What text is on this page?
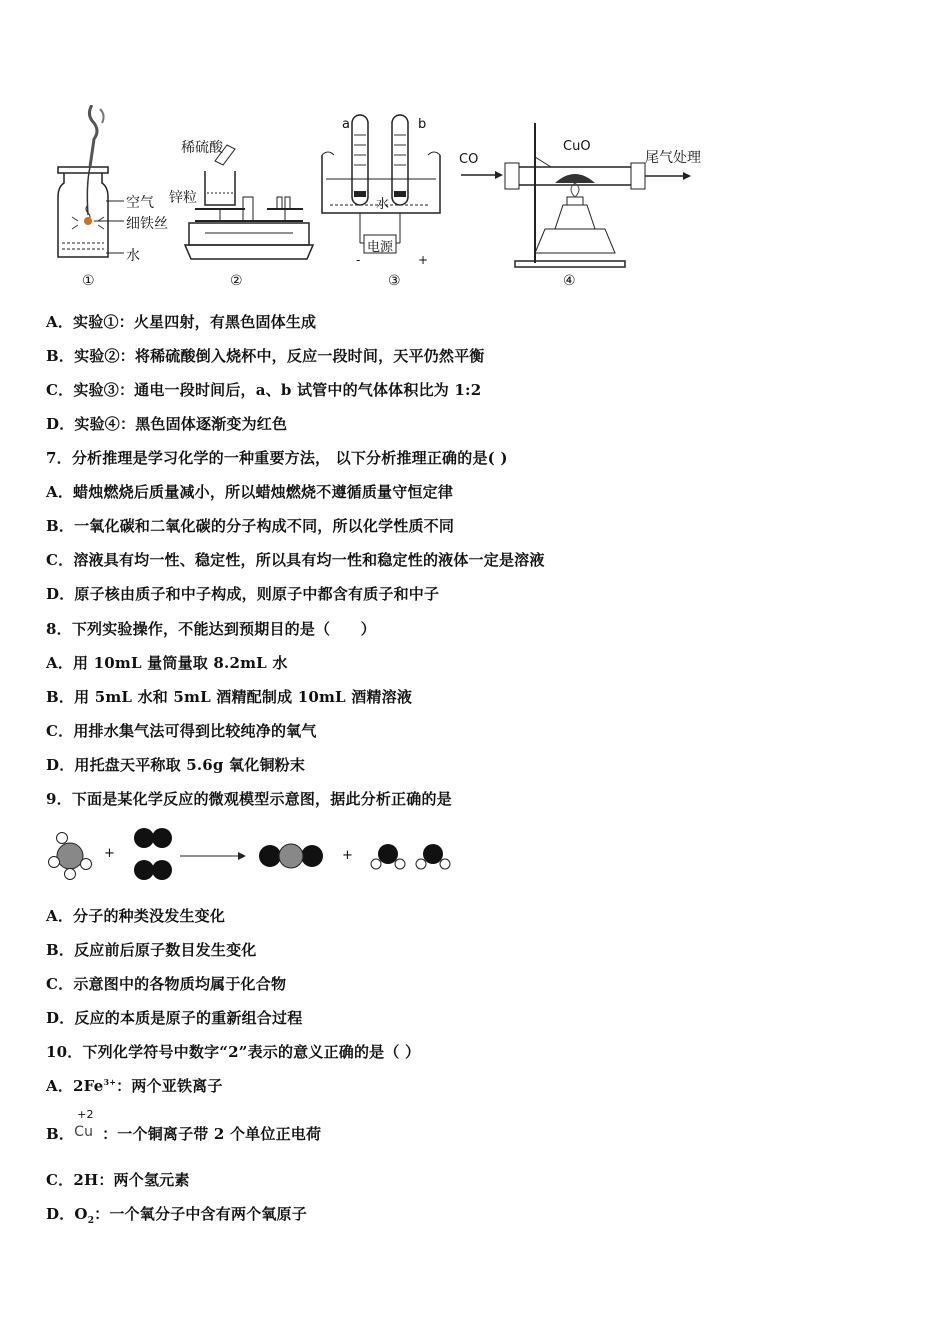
空气
细铁丝
水
①
稀硫酸
锌粒
②
a	b
水
电源
-	+
③
CO
CuO
尾气处理
④
A．实验①：火星四射，有黑色固体生成
B．实验②：将稀硫酸倒入烧杯中，反应一段时间，天平仍然平衡
C．实验③：通电一段时间后，a、b 试管中的气体体积比为 1:2
D．实验④：黑色固体逐渐变为红色
7．分析推理是学习化学的一种重要方法， 以下分析推理正确的是( )
A．蜡烛燃烧后质量减小，所以蜡烛燃烧不遵循质量守恒定律
B．一氧化碳和二氧化碳的分子构成不同，所以化学性质不同
C．溶液具有均一性、稳定性，所以具有均一性和稳定性的液体一定是溶液
D．原子核由质子和中子构成，则原子中都含有质子和中子
8．下列实验操作，不能达到预期目的是（　　）
A．用 10mL 量筒量取 8.2mL 水
B．用 5mL 水和 5mL 酒精配制成 10mL 酒精溶液
C．用排水集气法可得到比较纯净的氧气
D．用托盘天平称取 5.6g 氧化铜粉末
9．下面是某化学反应的微观模型示意图，据此分析正确的是
+	+
A．分子的种类没发生变化
B．反应前后原子数目发生变化
C．示意图中的各物质均属于化合物
D．反应的本质是原子的重新组合过程
10．下列化学符号中数字“2”表示的意义正确的是（ ）
A．$2Fe^{3+}$：两个亚铁离子
B．
+2
Cu ：一个铜离子带 2 个单位正电荷
C．2H：两个氢元素
D．$O_2$：一个氧分子中含有两个氧原子
